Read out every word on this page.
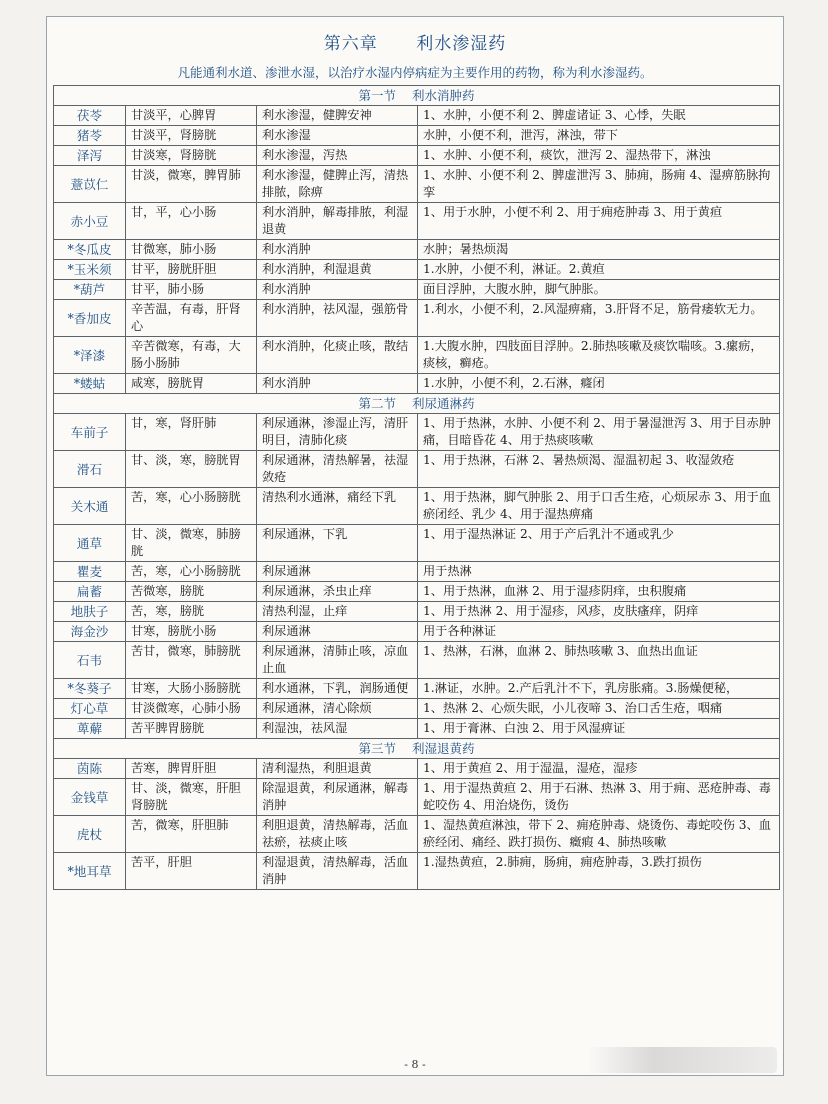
第六章 利水渗湿药
凡能通利水道、渗泄水湿，以治疗水湿内停病症为主要作用的药物，称为利水渗湿药。
第一节 利水消肿药			
茯苓	甘淡平，心脾胃	利水渗湿，健脾安神	1、水肿，小便不利 2、脾虚诸证 3、心悸，失眠
猪苓	甘淡平，肾膀胱	利水渗湿	水肿，小便不利，泄泻，淋浊，带下
泽泻	甘淡寒，肾膀胱	利水渗湿，泻热	1、水肿、小便不利，痰饮，泄泻 2、湿热带下，淋浊
薏苡仁	甘淡，微寒，脾胃肺	利水渗湿，健脾止泻，清热排脓，除痹	1、水肿、小便不利 2、脾虚泄泻 3、肺痈，肠痈 4、湿痹筋脉拘挛
赤小豆	甘，平，心小肠	利水消肿，解毒排脓，利湿退黄	1、用于水肿，小便不利 2、用于痈疮肿毒 3、用于黄疸
*冬瓜皮	甘微寒，肺小肠	利水消肿	水肿；暑热烦渴
*玉米须	甘平，膀胱肝胆	利水消肿，利湿退黄	1.水肿，小便不利，淋证。2.黄疸
*葫芦	甘平，肺小肠	利水消肿	面目浮肿，大腹水肿，脚气肿胀。
*香加皮	辛苦温，有毒，肝肾心	利水消肿，祛风湿，强筋骨	1.利水，小便不利，2.风湿痹痛，3.肝肾不足，筋骨痿软无力。
*泽漆	辛苦微寒，有毒，大肠小肠肺	利水消肿，化痰止咳，散结	1.大腹水肿，四肢面目浮肿。2.肺热咳嗽及痰饮喘咳。3.瘰疬，痰核，癣疮。
*蝼蛄	咸寒，膀胱胃	利水消肿	1.水肿，小便不利，2.石淋，癃闭
第二节 利尿通淋药			
车前子	甘，寒，肾肝肺	利尿通淋，渗湿止泻，清肝明目，清肺化痰	1、用于热淋，水肿、小便不利 2、用于暑湿泄泻 3、用于目赤肿痛，目暗昏花 4、用于热痰咳嗽
滑石	甘、淡，寒，膀胱胃	利尿通淋，清热解暑，祛湿敛疮	1、用于热淋，石淋 2、暑热烦渴、湿温初起 3、收湿敛疮
关木通	苦，寒，心小肠膀胱	清热利水通淋，痛经下乳	1、用于热淋，脚气肿胀 2、用于口舌生疮，心烦尿赤 3、用于血瘀闭经、乳少 4、用于湿热痹痛
通草	甘、淡，微寒，肺膀胱	利尿通淋，下乳	1、用于湿热淋证 2、用于产后乳汁不通或乳少
瞿麦	苦，寒，心小肠膀胱	利尿通淋	用于热淋
扁蓄	苦微寒，膀胱	利尿通淋，杀虫止痒	1、用于热淋，血淋 2、用于湿疹阴痒，虫积腹痛
地肤子	苦，寒，膀胱	清热利湿，止痒	1、用于热淋 2、用于湿疹，风疹，皮肤瘙痒，阴痒
海金沙	甘寒，膀胱小肠	利尿通淋	用于各种淋证
石韦	苦甘，微寒，肺膀胱	利尿通淋，清肺止咳，凉血止血	1、热淋，石淋，血淋 2、肺热咳嗽 3、血热出血证
*冬葵子	甘寒，大肠小肠膀胱	利水通淋，下乳，润肠通便	1.淋证，水肿。2.产后乳汁不下，乳房胀痛。3.肠燥便秘，
灯心草	甘淡微寒，心肺小肠	利尿通淋，清心除烦	1、热淋 2、心烦失眠，小儿夜啼 3、治口舌生疮，咽痛
萆薢	苦平脾胃膀胱	利湿浊，祛风湿	1、用于膏淋、白浊 2、用于风湿痹证
第三节 利湿退黄药			
茵陈	苦寒，脾胃肝胆	清利湿热，利胆退黄	1、用于黄疸 2、用于湿温，湿疮，湿疹
金钱草	甘、淡，微寒，肝胆肾膀胱	除湿退黄，利尿通淋，解毒消肿	1、用于湿热黄疸 2、用于石淋、热淋 3、用于痈、恶疮肿毒、毒蛇咬伤 4、用治烧伤，烫伤
虎杖	苦，微寒，肝胆肺	利胆退黄，清热解毒，活血祛瘀，祛痰止咳	1、湿热黄疸淋浊，带下 2、痈疮肿毒、烧烫伤、毒蛇咬伤 3、血瘀经闭、痛经、跌打损伤、癥瘕 4、肺热咳嗽
*地耳草	苦平，肝胆	利湿退黄，清热解毒，活血消肿	1.湿热黄疸，2.肺痈，肠痈，痈疮肿毒，3.跌打损伤
- 8 -
